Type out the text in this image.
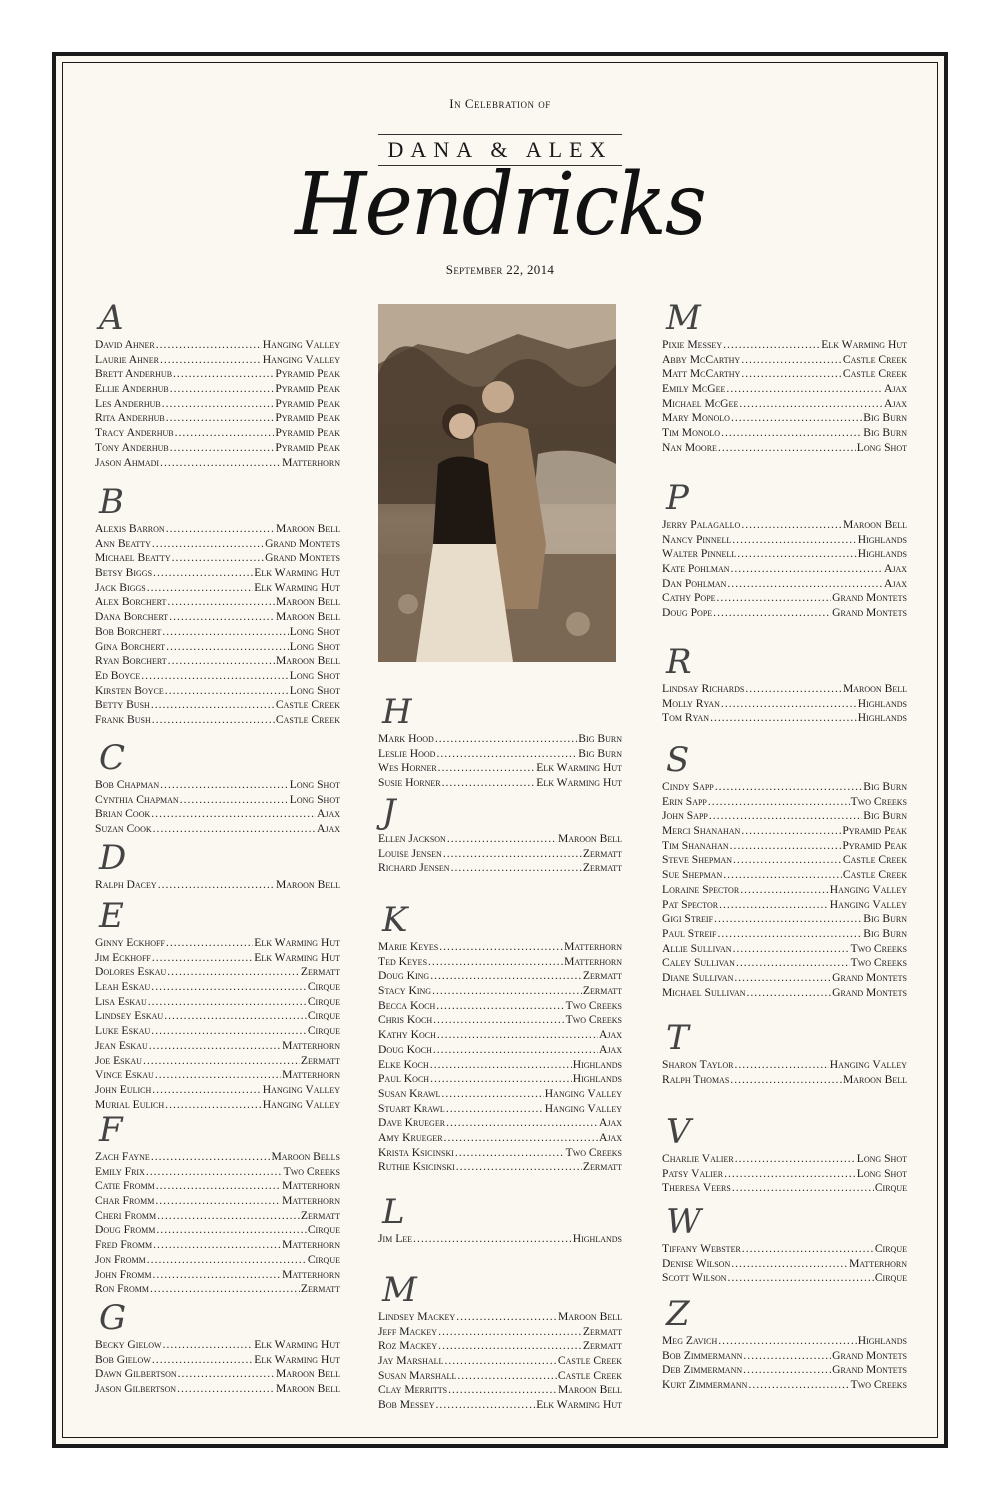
In Celebration of
DANA & ALEX
Hendricks
September 22, 2014
A
David Ahner .....	Hanging Valley
Laurie Ahner .....	Hanging Valley
Brett Anderhub .....	Pyramid Peak
Ellie Anderhub .....	Pyramid Peak
Les Anderhub .....	Pyramid Peak
Rita Anderhub .....	Pyramid Peak
Tracy Anderhub .....	Pyramid Peak
Tony Anderhub .....	Pyramid Peak
Jason Ahmadi .....	Matterhorn
B
Alexis Barron .....	Maroon Bell
Ann Beatty .....	Grand Montets
Michael Beatty .....	Grand Montets
Betsy Biggs .....	Elk Warming Hut
Jack Biggs .....	Elk Warming Hut
Alex Borchert .....	Maroon Bell
Dana Borchert .....	Maroon Bell
Bob Borchert .....	Long Shot
Gina Borchert .....	Long Shot
Ryan Borchert .....	Maroon Bell
Ed Boyce .....	Long Shot
Kirsten Boyce .....	Long Shot
Betty Bush .....	Castle Creek
Frank Bush .....	Castle Creek
C
Bob Chapman .....	Long Shot
Cynthia Chapman .....	Long Shot
Brian Cook .....	Ajax
Suzan Cook .....	Ajax
D
Ralph Dacey .....	Maroon Bell
E
Ginny Eckhoff .....	Elk Warming Hut
Jim Eckhoff .....	Elk Warming Hut
Dolores Eskau .....	Zermatt
Leah Eskau .....	Cirque
Lisa Eskau .....	Cirque
Lindsey Eskau .....	Cirque
Luke Eskau .....	Cirque
Jean Eskau .....	Matterhorn
Joe Eskau .....	Zermatt
Vince Eskau .....	Matterhorn
John Eulich .....	Hanging Valley
Murial Eulich .....	Hanging Valley
F
Zach Fayne .....	Maroon Bells
Emily Frix .....	Two Creeks
Catie Fromm .....	Matterhorn
Char Fromm .....	Matterhorn
Cheri Fromm .....	Zermatt
Doug Fromm .....	Cirque
Fred Fromm .....	Matterhorn
Jon Fromm .....	Cirque
John Fromm .....	Matterhorn
Ron Fromm .....	Zermatt
G
Becky Gielow .....	Elk Warming Hut
Bob Gielow .....	Elk Warming Hut
Dawn Gilbertson .....	Maroon Bell
Jason Gilbertson .....	Maroon Bell
H
Mark Hood .....	Big Burn
Leslie Hood .....	Big Burn
Wes Horner .....	Elk Warming Hut
Susie Horner .....	Elk Warming Hut
J
Ellen Jackson .....	Maroon Bell
Louise Jensen .....	Zermatt
Richard Jensen .....	Zermatt
K
Marie Keyes .....	Matterhorn
Ted Keyes .....	Matterhorn
Doug King .....	Zermatt
Stacy King .....	Zermatt
Becca Koch .....	Two Creeks
Chris Koch .....	Two Creeks
Kathy Koch .....	Ajax
Doug Koch .....	Ajax
Elke Koch .....	Highlands
Paul Koch .....	Highlands
Susan Krawl .....	Hanging Valley
Stuart Krawl .....	Hanging Valley
Dave Krueger .....	Ajax
Amy Krueger .....	Ajax
Krista Ksicinski .....	Two Creeks
Ruthie Ksicinski .....	Zermatt
L
Jim Lee .....	Highlands
M
Lindsey Mackey .....	Maroon Bell
Jeff Mackey .....	Zermatt
Roz Mackey .....	Zermatt
Jay Marshall .....	Castle Creek
Susan Marshall .....	Castle Creek
Clay Merritts .....	Maroon Bell
Bob Messey .....	Elk Warming Hut
M
Pixie Messey .....	Elk Warming Hut
Abby McCarthy .....	Castle Creek
Matt McCarthy .....	Castle Creek
Emily McGee .....	Ajax
Michael McGee .....	Ajax
Mary Monolo .....	Big Burn
Tim Monolo .....	Big Burn
Nan Moore .....	Long Shot
P
Jerry Palagallo .....	Maroon Bell
Nancy Pinnell .....	Highlands
Walter Pinnell .....	Highlands
Kate Pohlman .....	Ajax
Dan Pohlman .....	Ajax
Cathy Pope .....	Grand Montets
Doug Pope .....	Grand Montets
R
Lindsay Richards .....	Maroon Bell
Molly Ryan .....	Highlands
Tom Ryan .....	Highlands
S
Cindy Sapp .....	Big Burn
Erin Sapp .....	Two Creeks
John Sapp .....	Big Burn
Merci Shanahan .....	Pyramid Peak
Tim Shanahan .....	Pyramid Peak
Steve Shepman .....	Castle Creek
Sue Shepman .....	Castle Creek
Loraine Spector .....	Hanging Valley
Pat Spector .....	Hanging Valley
Gigi Streif .....	Big Burn
Paul Streif .....	Big Burn
Allie Sullivan .....	Two Creeks
Caley Sullivan .....	Two Creeks
Diane Sullivan .....	Grand Montets
Michael Sullivan .....	Grand Montets
T
Sharon Taylor .....	Hanging Valley
Ralph Thomas .....	Maroon Bell
V
Charlie Valier .....	Long Shot
Patsy Valier .....	Long Shot
Theresa Veers .....	Cirque
W
Tiffany Webster .....	Cirque
Denise Wilson .....	Matterhorn
Scott Wilson .....	Cirque
Z
Meg Zavich .....	Highlands
Bob Zimmermann .....	Grand Montets
Deb Zimmermann .....	Grand Montets
Kurt Zimmermann .....	Two Creeks
